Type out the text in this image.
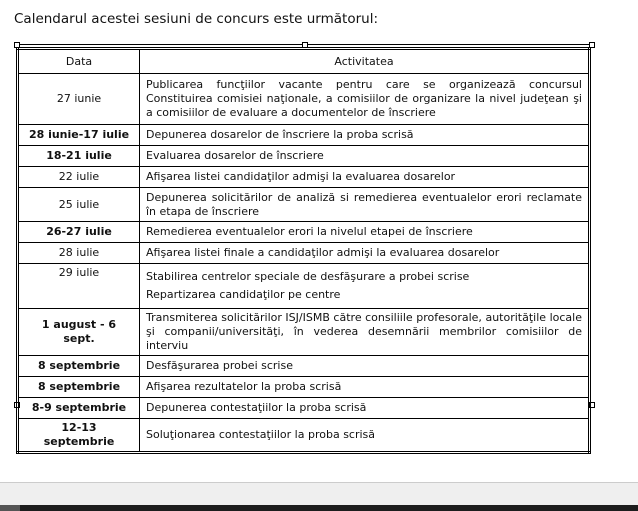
Calendarul acestei sesiuni de concurs este următorul:
Data	Activitatea
27 iunie	Publicarea funcţiilor vacante pentru care se organizează concursul Constituirea comisiei naţionale, a comisiilor de organizare la nivel judeţean şi a comisiilor de evaluare a documentelor de înscriere
28 iunie-17 iulie	Depunerea dosarelor de înscriere la proba scrisă
18-21 iulie	Evaluarea dosarelor de înscriere
22 iulie	Afişarea listei candidaţilor admişi la evaluarea dosarelor
25 iulie	Depunerea solicitărilor de analiză si remedierea eventualelor erori reclamate în etapa de înscriere
26-27 iulie	Remedierea eventualelor erori la nivelul etapei de înscriere
28 iulie	Afişarea listei finale a candidaţilor admişi la evaluarea dosarelor
29 iulie	Stabilirea centrelor speciale de desfăşurare a probei scrise
Repartizarea candidaţilor pe centre

1 august - 6 sept.	Transmiterea solicitărilor ISJ/ISMB către consiliile profesorale, autorităţile locale şi companii/universităţi, în vederea desemnării membrilor comisiilor de interviu
8 septembrie	Desfăşurarea probei scrise
8 septembrie	Afişarea rezultatelor la proba scrisă
8-9 septembrie	Depunerea contestaţiilor la proba scrisă
12-13 septembrie	Soluţionarea contestaţiilor la proba scrisă
